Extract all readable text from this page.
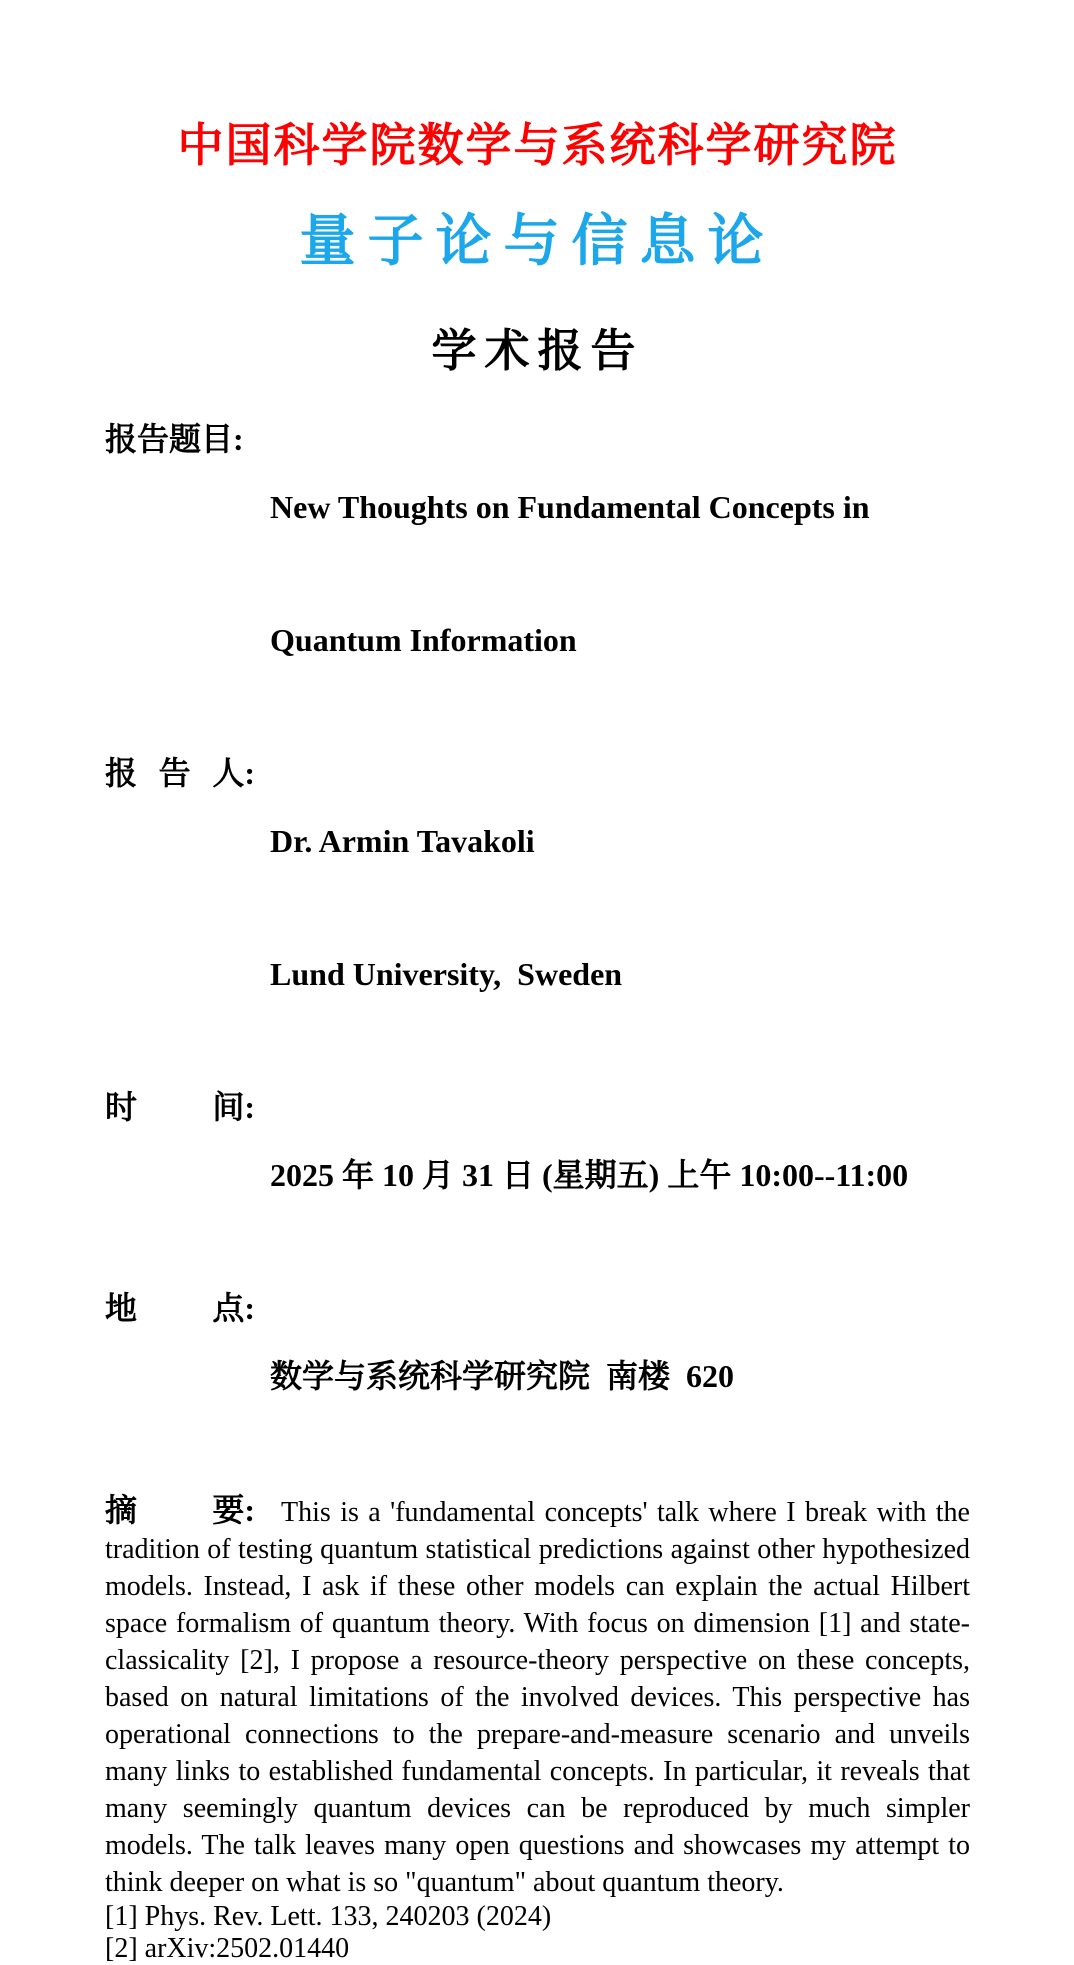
中国科学院数学与系统科学研究院
量子论与信息论
学术报告
报告题目:

New Thoughts on Fundamental Concepts in

Quantum Information

报 告 人:

Dr. Armin Tavakoli

Lund University,  Sweden

时 间:

2025 年 10 月 31 日 (星期五) 上午 10:00--11:00

地 点:

数学与系统科学研究院  南楼  620

摘 要: This is a 'fundamental concepts' talk where I break with the tradition of testing quantum statistical predictions against other hypothesized models. Instead, I ask if these other models can explain the actual Hilbert space formalism of quantum theory. With focus on dimension [1] and state-classicality [2], I propose a resource-theory perspective on these concepts, based on natural limitations of the involved devices. This perspective has operational connections to the prepare-and-measure scenario and unveils many links to established fundamental concepts. In particular, it reveals that many seemingly quantum devices can be reproduced by much simpler models. The talk leaves many open questions and showcases my attempt to think deeper on what is so "quantum" about quantum theory.

[1] Phys. Rev. Lett. 133, 240203 (2024)

[2] arXiv:2502.01440
